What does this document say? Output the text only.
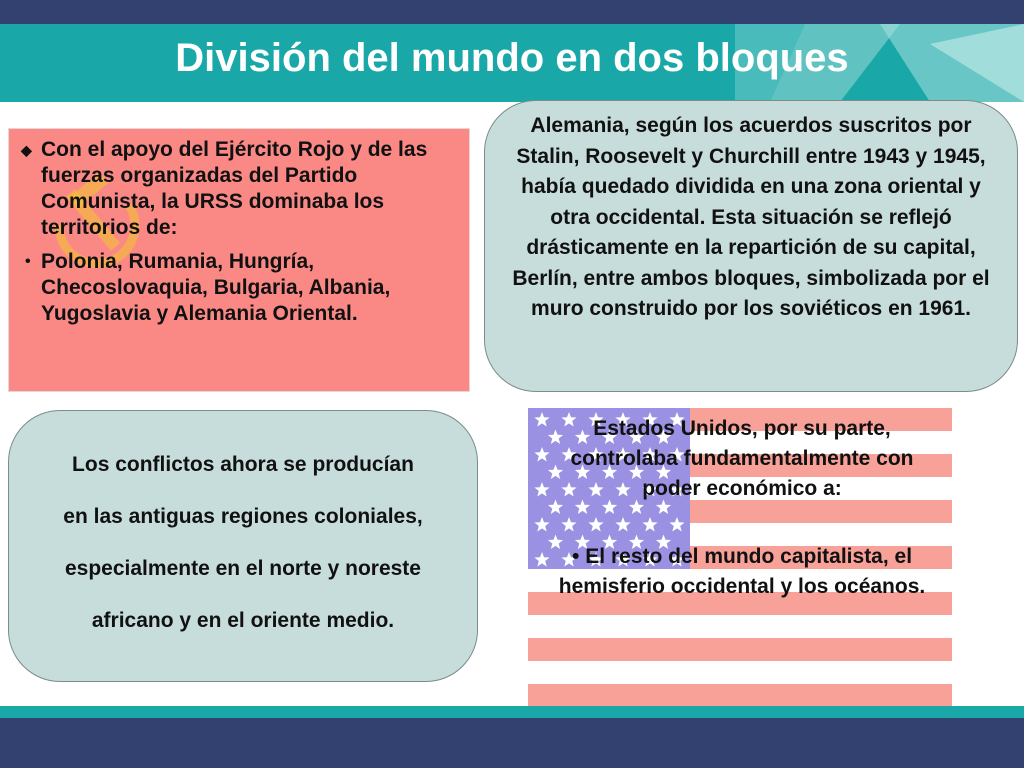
División del mundo en dos bloques
◆ Con el apoyo del Ejército Rojo y de las fuerzas organizadas del Partido Comunista, la URSS dominaba los territorios de:
• Polonia, Rumania, Hungría, Checoslovaquia, Bulgaria, Albania, Yugoslavia y Alemania Oriental.
Alemania, según los acuerdos suscritos por Stalin, Roosevelt y Churchill entre 1943 y 1945, había quedado dividida en una zona oriental y otra occidental. Esta situación se reflejó drásticamente en la repartición de su capital, Berlín, entre ambos bloques, simbolizada por el muro construido por los soviéticos en 1961.
Los conflictos ahora se producían
en las antiguas regiones coloniales,
especialmente en el norte y noreste
africano y en el oriente medio.

Estados Unidos, por su parte, controlaba fundamentalmente con poder económico a:

• El resto del mundo capitalista, el hemisferio occidental y los océanos.
